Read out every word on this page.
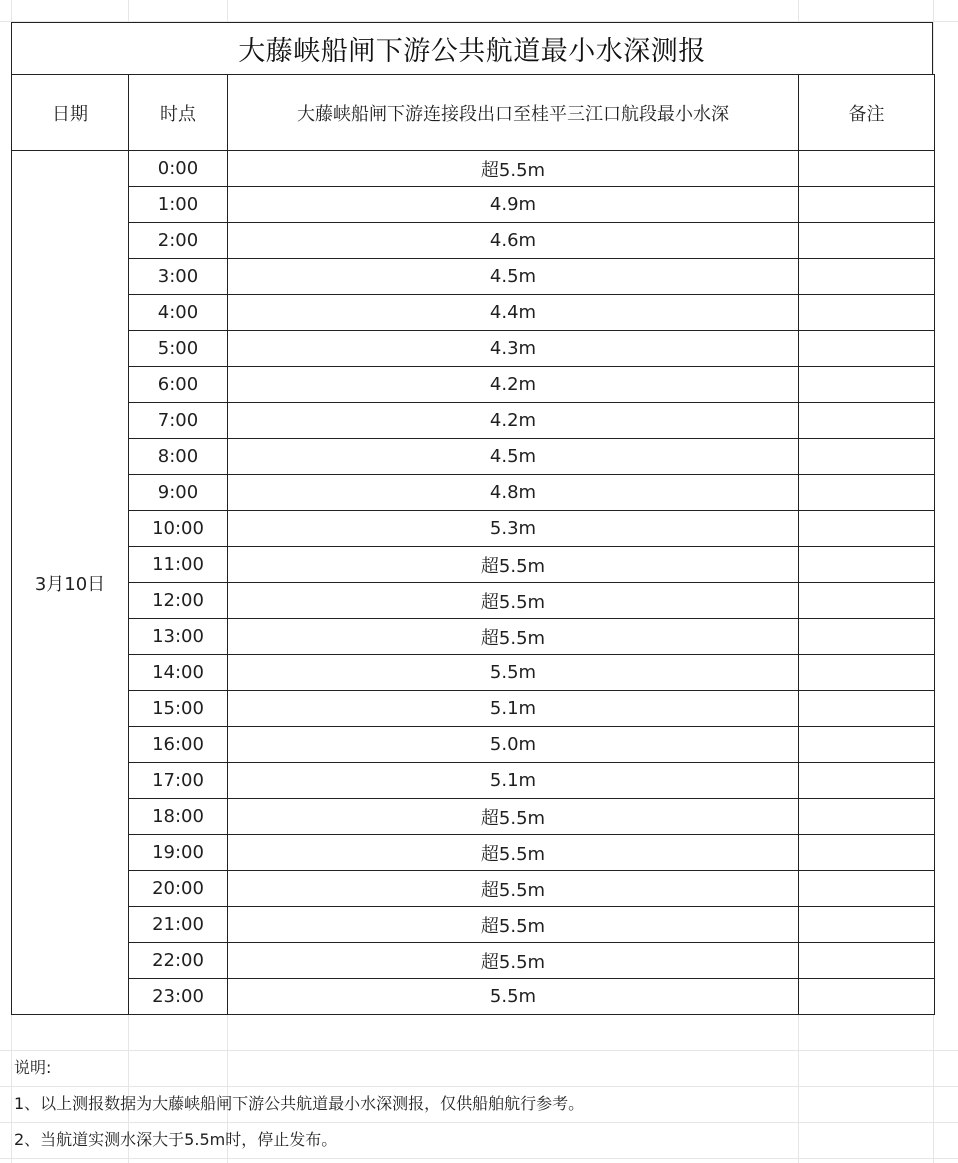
大藤峡船闸下游公共航道最小水深测报
日期	时点	大藤峡船闸下游连接段出口至桂平三江口航段最小水深	备注
3月10日	0:00	超5.5m	
	1:00	4.9m	
	2:00	4.6m	
	3:00	4.5m	
	4:00	4.4m	
	5:00	4.3m	
	6:00	4.2m	
	7:00	4.2m	
	8:00	4.5m	
	9:00	4.8m	
	10:00	5.3m	
	11:00	超5.5m	
	12:00	超5.5m	
	13:00	超5.5m	
	14:00	5.5m	
	15:00	5.1m	
	16:00	5.0m	
	17:00	5.1m	
	18:00	超5.5m	
	19:00	超5.5m	
	20:00	超5.5m	
	21:00	超5.5m	
	22:00	超5.5m	
	23:00	5.5m	
说明:
1、以上测报数据为大藤峡船闸下游公共航道最小水深测报，仅供船舶航行参考。
2、当航道实测水深大于5.5m时，停止发布。
